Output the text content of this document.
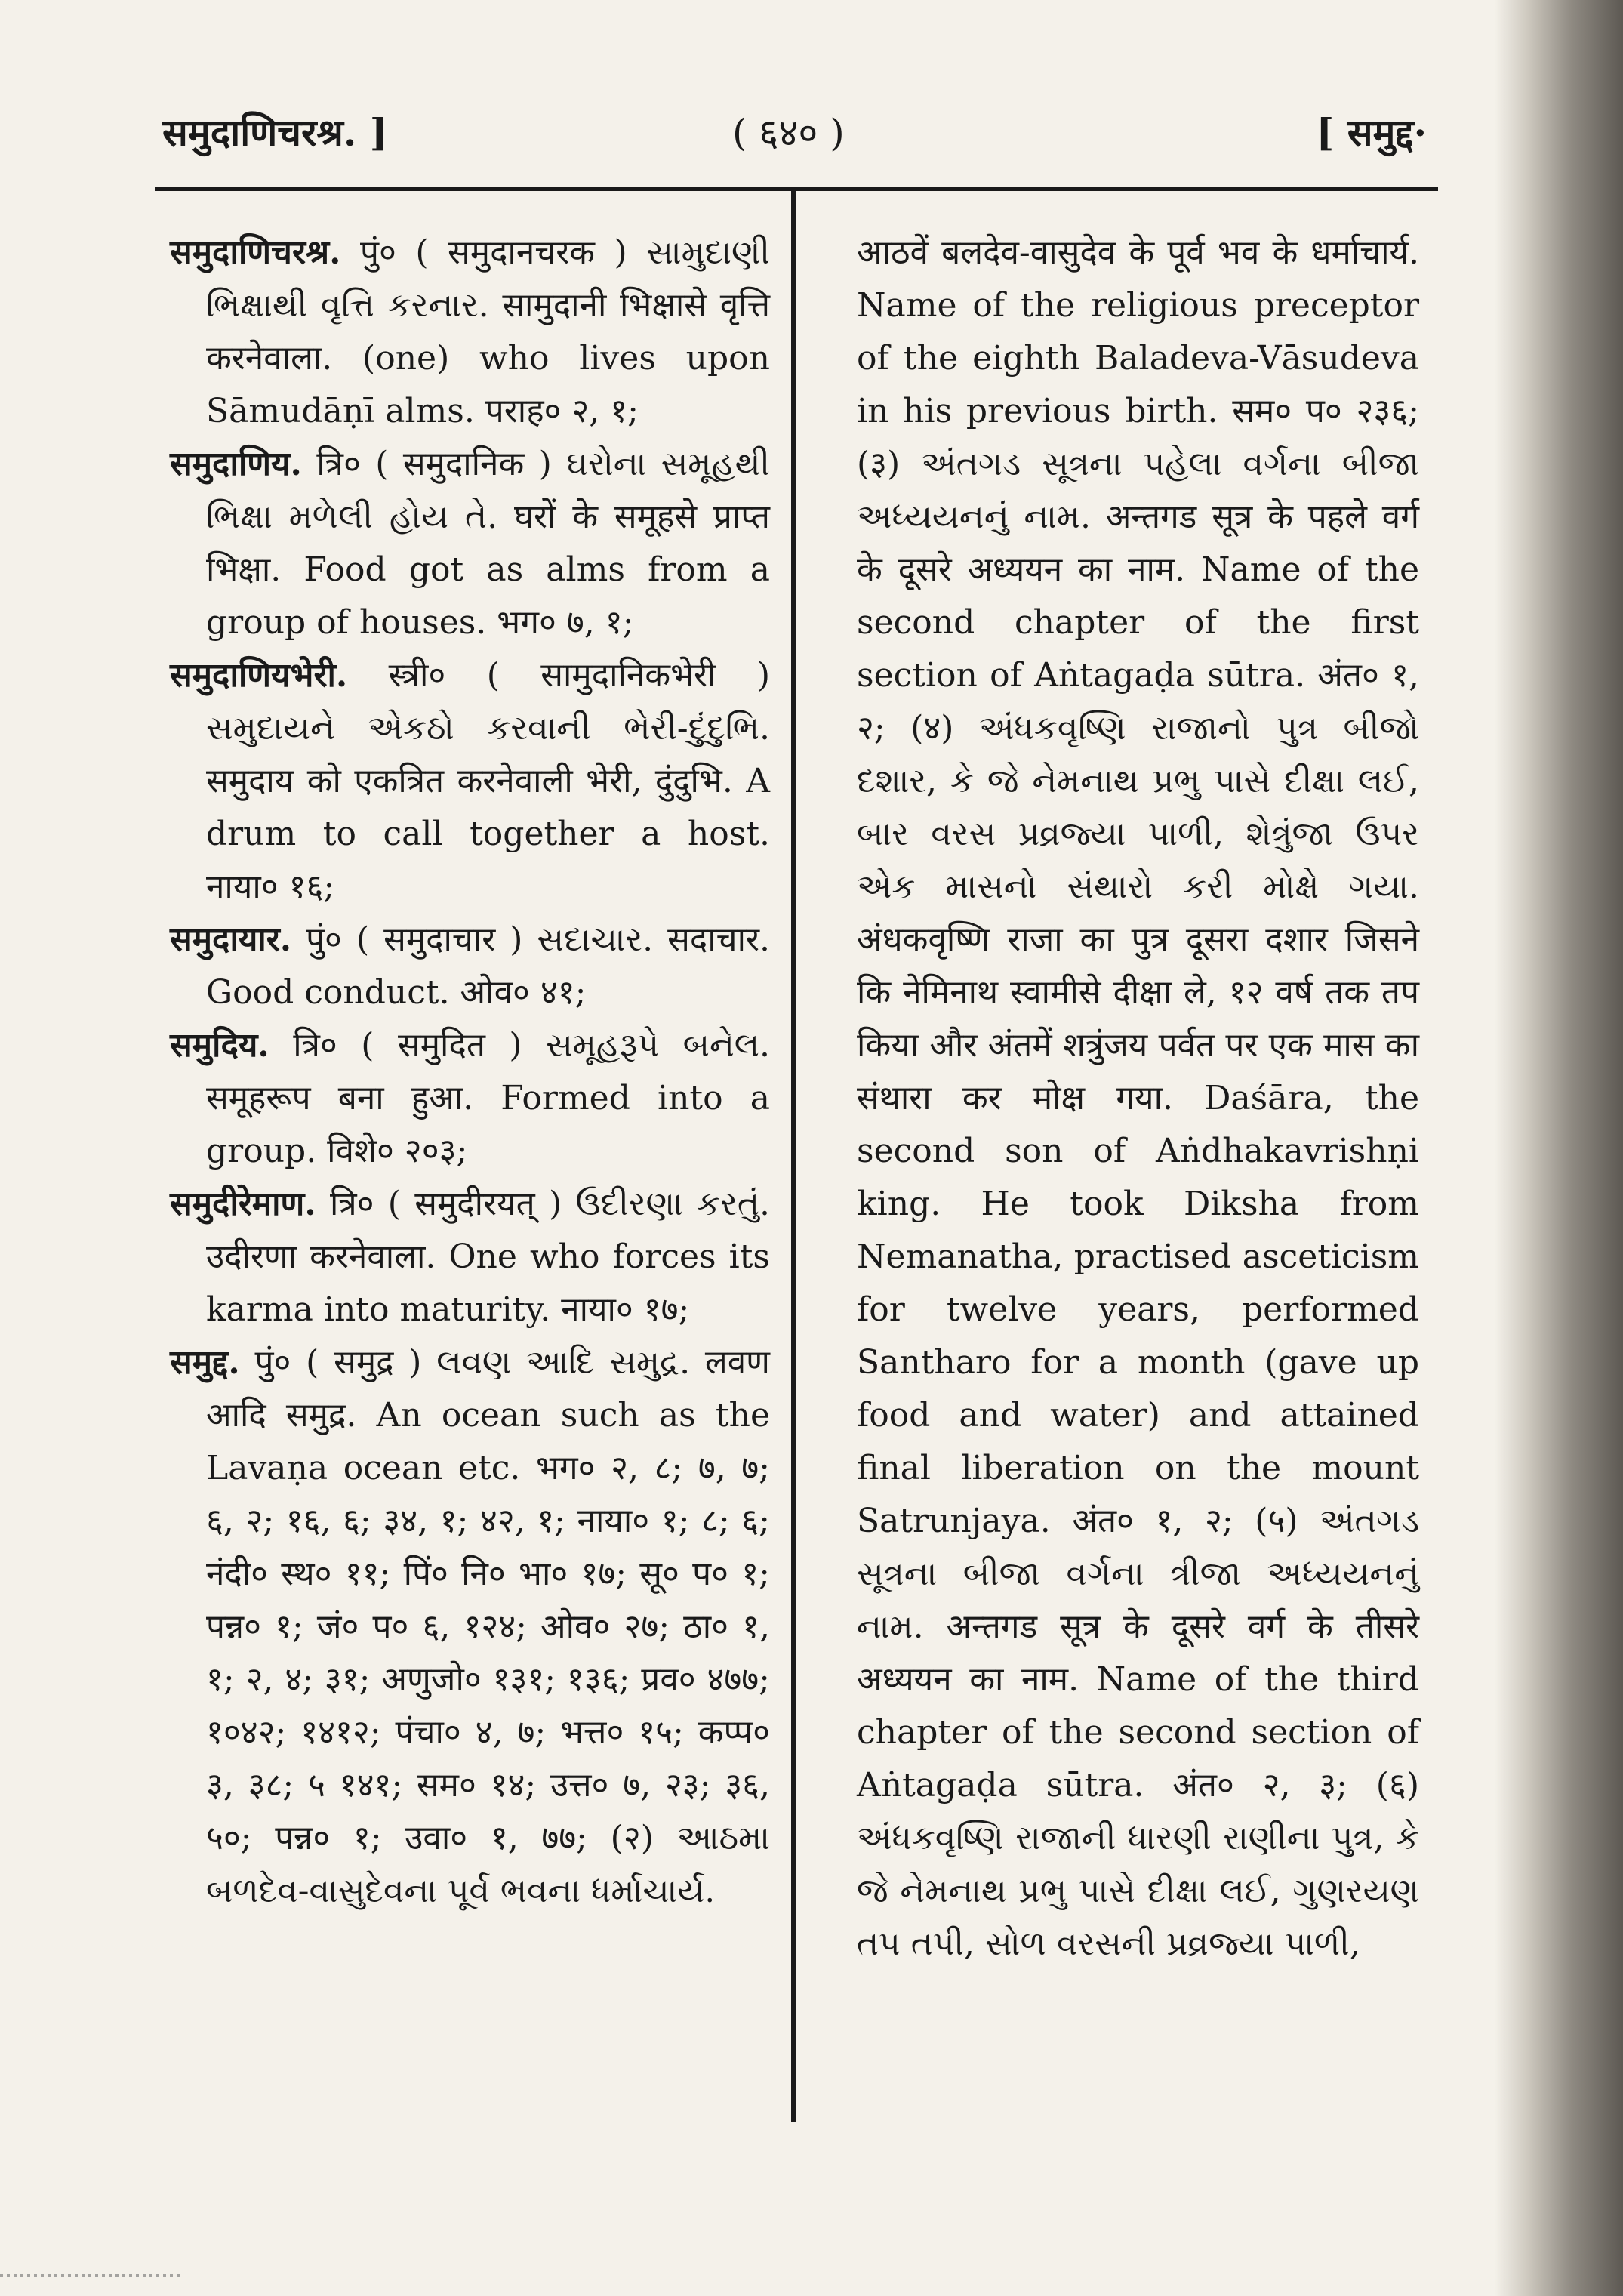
समुदाणिचरश्र. ]	( ६४० )	[ समुद्द·

समुदाणिचरश्र. पुं० ( समुदानचरक ) સામુદાણી ભિક્ષાથી વૃત્તિ કરનાર. सामुदानी भिक्षासे वृत्ति करनेवाला. (one) who lives upon Sāmudāṇī alms. पराह० २, १;

समुदाणिय. त्रि० ( समुदानिक ) ઘરોના સમૂહથી ભિક્ષા મળેલી હોય તે. घरों के समूहसे प्राप्त भिक्षा. Food got as alms from a group of houses. भग० ७, १;

समुदाणियभेरी. स्त्री० ( सामुदानिकभेरी ) સમુદાયને એકઠો કરવાની ભેરી-દુંદુભિ. समुदाय को एकत्रित करनेवाली भेरी, दुंदुभि. A drum to call together a host. नाया० १६;

समुदायार. पुं० ( समुदाचार ) સદાચાર. सदाचार. Good conduct. ओव० ४१;

समुदिय. त्रि० ( समुदित ) સમૂહરૂપે બનેલ. समूहरूप बना हुआ. Formed into a group. विशे० २०३;

समुदीरेमाण. त्रि० ( समुदीरयत् ) ઉદીરણા કરતું. उदीरणा करनेवाला. One who forces its karma into maturity. नाया० १७;

समुद्द. पुं० ( समुद्र ) લવણ આદિ સમુદ્ર. लवण आदि समुद्र. An ocean such as the Lavaṇa ocean etc. भग० २, ८; ७, ७; ६, २; १६, ६; ३४, १; ४२, १; नाया० १; ८; ६; नंदी० स्थ० ११; पिं० नि० भा० १७; सू० प० १; पन्न० १; जं० प० ६, १२४; ओव० २७; ठा० १, १; २, ४; ३१; अणुजो० १३१; १३६; प्रव० ४७७; १०४२; १४१२; पंचा० ४, ७; भत्त० १५; कप्प० ३, ३८; ५ १४१; सम० १४; उत्त० ७, २३; ३६, ५०; पन्न० १; उवा० १, ७७; (२) આઠમા બળદેવ-વાસુદેવના પૂર્વ ભવના ધર્માચાર્ય.

आठवें बलदेव-वासुदेव के पूर्व भव के धर्माचार्य. Name of the religious preceptor of the eighth Baladeva-Vāsudeva in his previous birth. सम० प० २३६; (३) અંતગડ સૂત્રના પહેલા વર્ગના બીજા અધ્યયનનું નામ. अन्तगड सूत्र के पहले वर्ग के दूसरे अध्ययन का नाम. Name of the second chapter of the first section of Aṅtagaḍa sūtra. अंत० १, २; (४) અંધકવૃષ્ણિ રાજાનો પુત્ર બીજો દશાર, કે જે નેમનાથ પ્રભુ પાસે દીક્ષા લઈ, બાર વરસ પ્રવ્રજ્યા પાળી, શેત્રુંજા ઉપર એક માસનો સંથારો કરી મોક્ષે ગયા. अंधकवृष्णि राजा का पुत्र दूसरा दशार जिसने कि नेमिनाथ स्वामीसे दीक्षा ले, १२ वर्ष तक तप किया और अंतमें शत्रुंजय पर्वत पर एक मास का संथारा कर मोक्ष गया. Daśāra, the second son of Aṅdhakavrishṇi king. He took Diksha from Nemanatha, practised asceticism for twelve years, performed Santharo for a month (gave up food and water) and attained final liberation on the mount Satrunjaya. अंत० १, २; (५) અંતગડ સૂત્રના બીજા વર્ગના ત્રીજા અધ્યયનનું નામ. अन्तगड सूत्र के दूसरे वर्ग के तीसरे अध्ययन का नाम. Name of the third chapter of the second section of Aṅtagaḍa sūtra. अंत० २, ३; (६) અંધકવૃષ્ણિ રાજાની ધારણી રાણીના પુત્ર, કે જે નેમનાથ પ્રભુ પાસે દીક્ષા લઈ, ગુણરયણ તપ તપી, સોળ વરસની પ્રવ્રજ્યા પાળી,
